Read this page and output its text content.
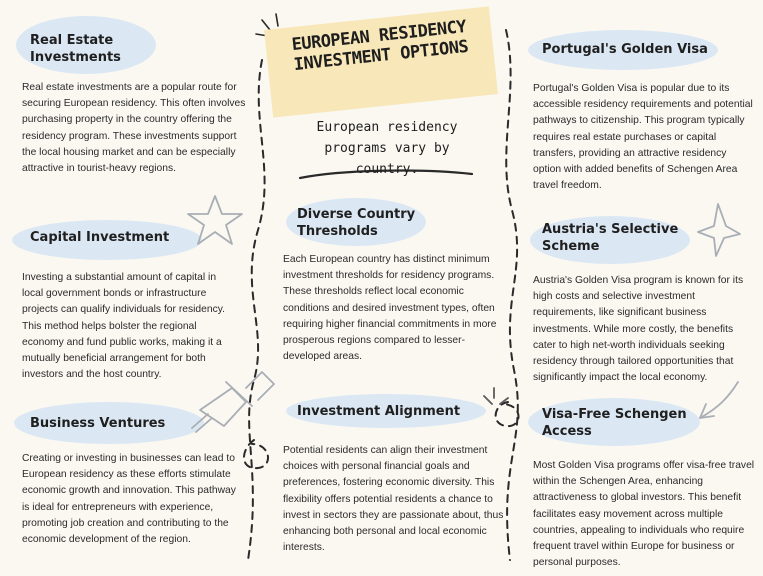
EUROPEAN RESIDENCY INVESTMENT OPTIONS
European residency programs vary by country.
Real Estate Investments
Real estate investments are a popular route for securing European residency. This often involves purchasing property in the country offering the residency program. These investments support the local housing market and can be especially attractive in tourist-heavy regions.
Capital Investment
Investing a substantial amount of capital in local government bonds or infrastructure projects can qualify individuals for residency. This method helps bolster the regional economy and fund public works, making it a mutually beneficial arrangement for both investors and the host country.
Business Ventures
Creating or investing in businesses can lead to European residency as these efforts stimulate economic growth and innovation. This pathway is ideal for entrepreneurs with experience, promoting job creation and contributing to the economic development of the region.
Diverse Country Thresholds
Each European country has distinct minimum investment thresholds for residency programs. These thresholds reflect local economic conditions and desired investment types, often requiring higher financial commitments in more prosperous regions compared to lesser-developed areas.
Investment Alignment
Potential residents can align their investment choices with personal financial goals and preferences, fostering economic diversity. This flexibility offers potential residents a chance to invest in sectors they are passionate about, thus enhancing both personal and local economic interests.
Portugal's Golden Visa
Portugal's Golden Visa is popular due to its accessible residency requirements and potential pathways to citizenship. This program typically requires real estate purchases or capital transfers, providing an attractive residency option with added benefits of Schengen Area travel freedom.
Austria's Selective Scheme
Austria's Golden Visa program is known for its high costs and selective investment requirements, like significant business investments. While more costly, the benefits cater to high net-worth individuals seeking residency through tailored opportunities that significantly impact the local economy.
Visa-Free Schengen Access
Most Golden Visa programs offer visa-free travel within the Schengen Area, enhancing attractiveness to global investors. This benefit facilitates easy movement across multiple countries, appealing to individuals who require frequent travel within Europe for business or personal purposes.
